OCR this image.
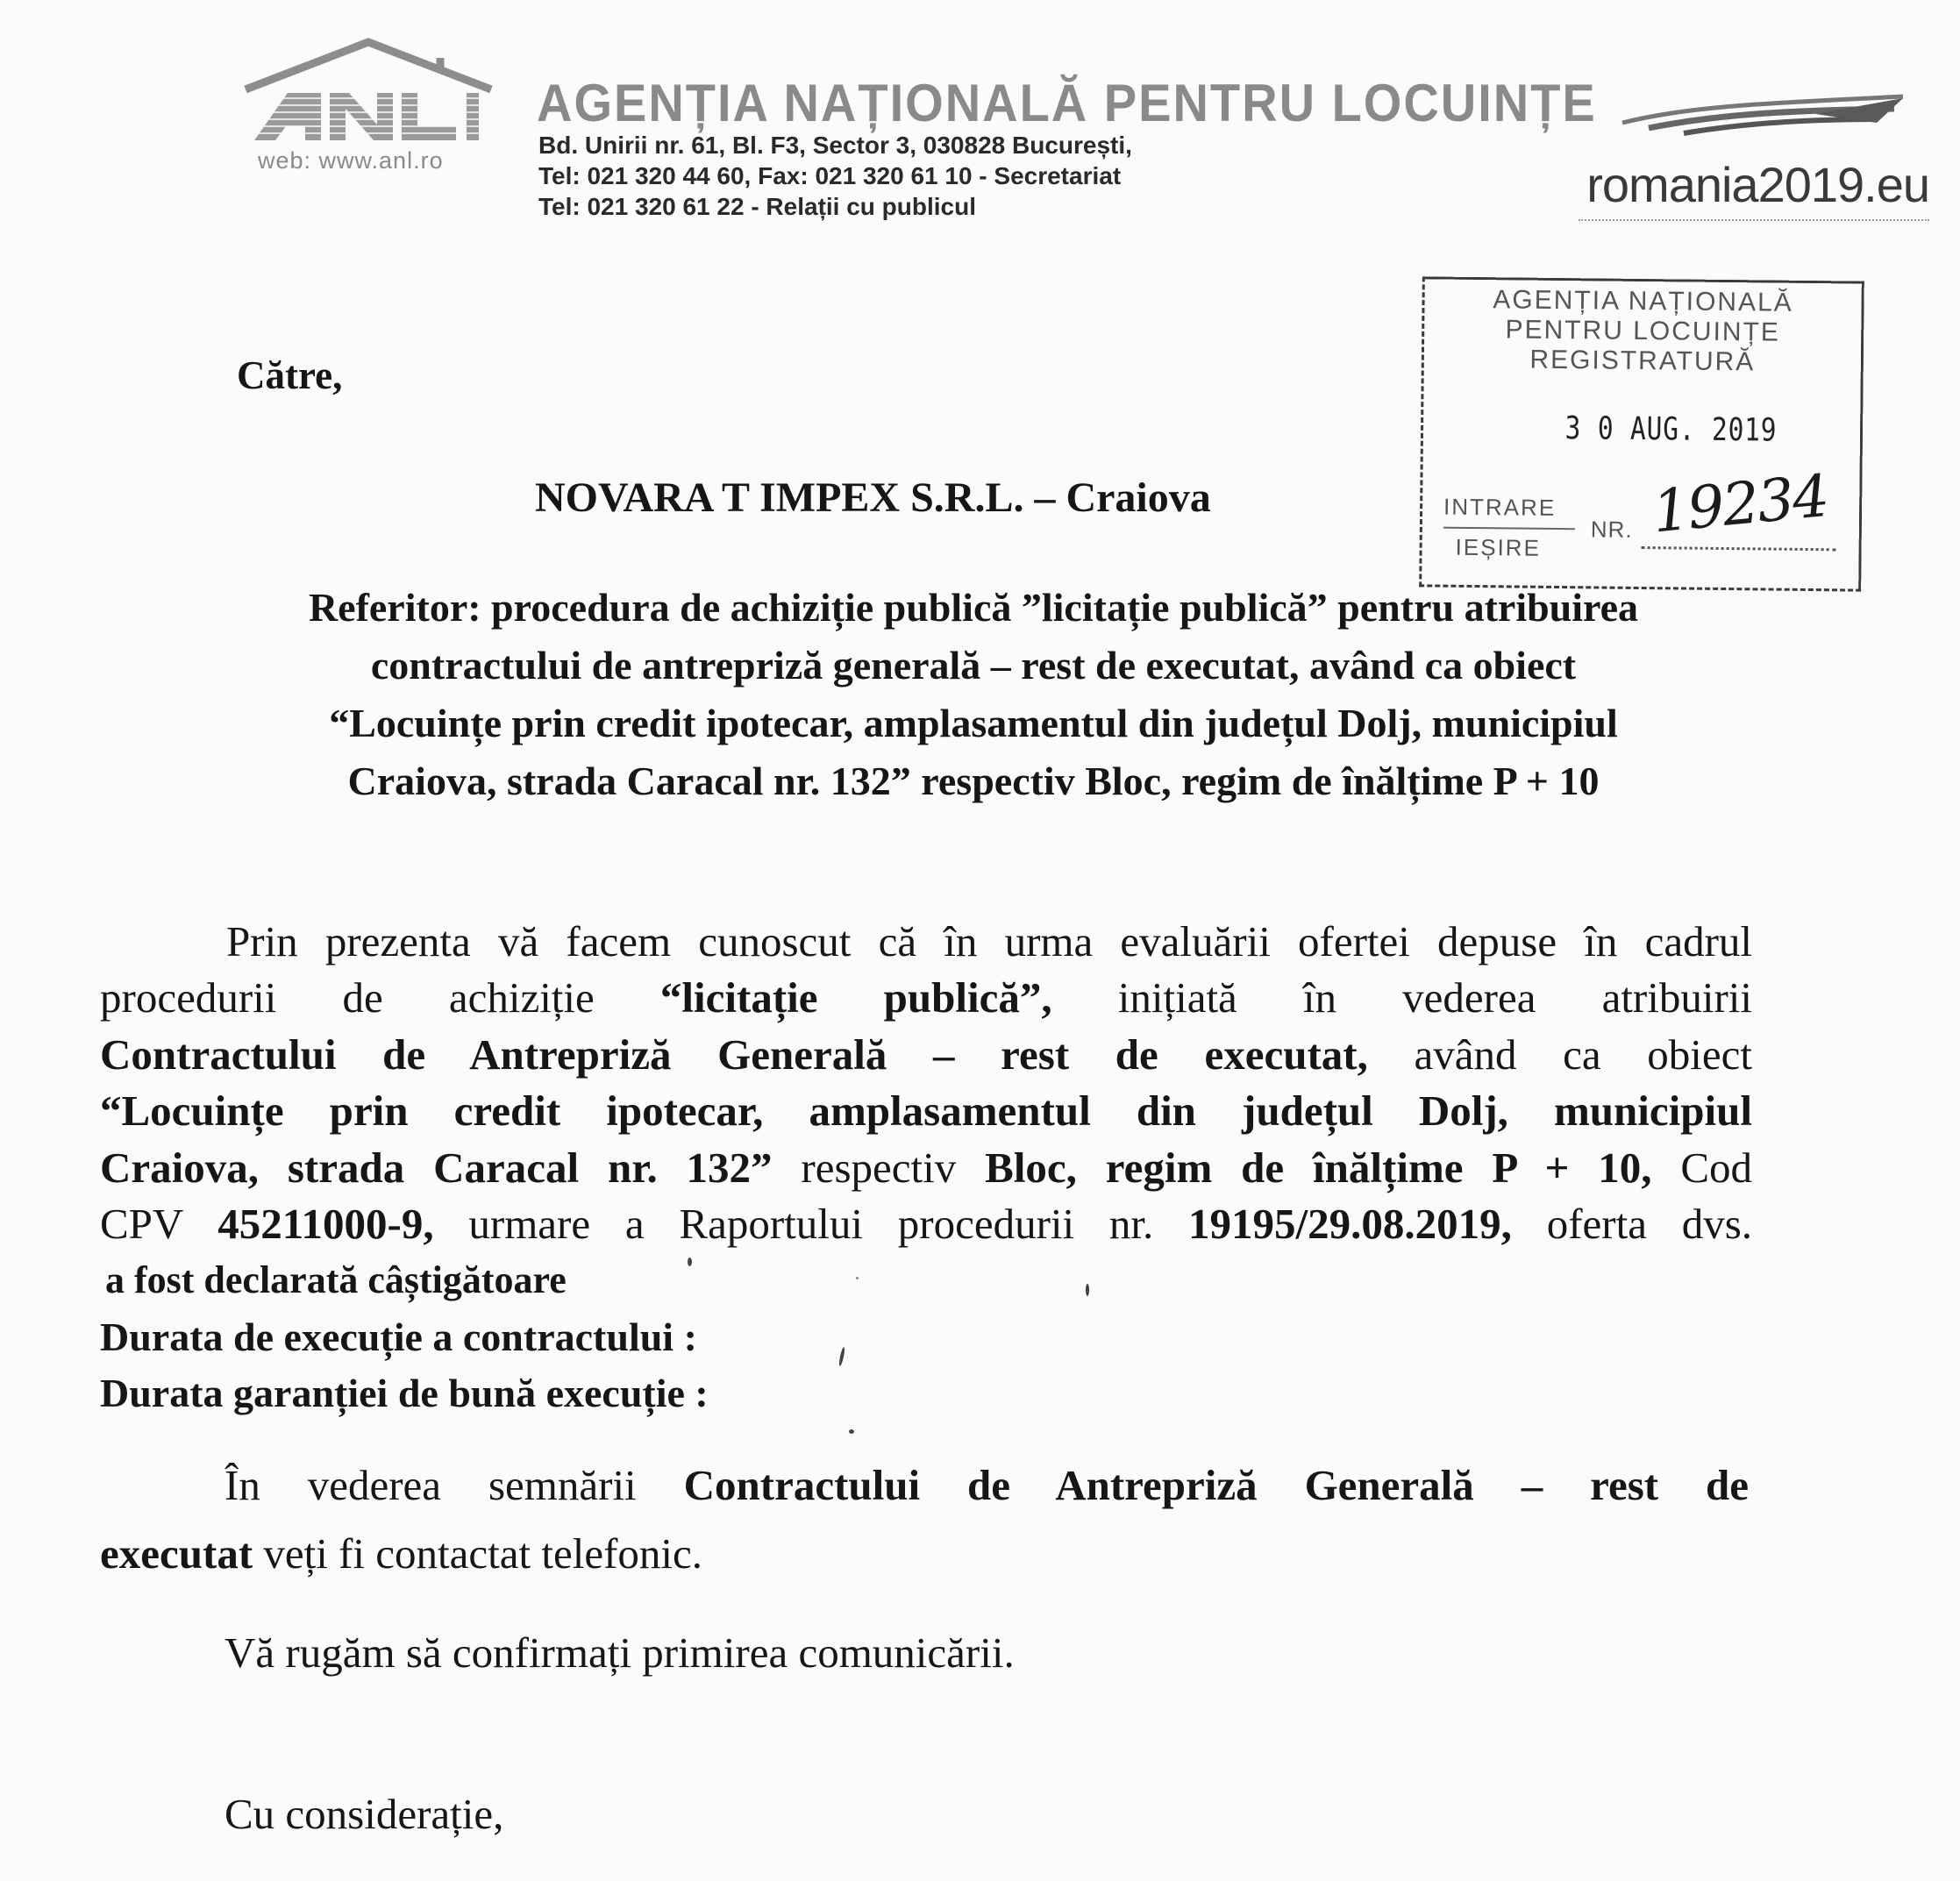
web: www.anl.ro
AGENȚIA NAȚIONALĂ PENTRU LOCUINȚE
Bd. Unirii nr. 61, Bl. F3, Sector 3, 030828 București,
Tel: 021 320 44 60, Fax: 021 320 61 10 - Secretariat
Tel: 021 320 61 22 - Relații cu publicul	romania2019.eu
AGENȚIA NAȚIONALĂ
PENTRU LOCUINȚE
REGISTRATURĂ
3 0 AUG. 2019
INTRARE
IEȘIRE
NR. 19234
Către,
NOVARA T IMPEX S.R.L. – Craiova
Referitor: procedura de achiziție publică ”licitație publică” pentru atribuirea
contractului de antrepriză generală – rest de executat, având ca obiect
“Locuințe prin credit ipotecar, amplasamentul din județul Dolj, municipiul
Craiova, strada Caracal nr. 132” respectiv Bloc, regim de înălțime P + 10
Prin prezenta vă facem cunoscut că în urma evaluării ofertei depuse în cadrul
procedurii de achiziție “licitație publică”, inițiată în vederea atribuirii
Contractului de Antrepriză Generală – rest de executat, având ca obiect
“Locuințe prin credit ipotecar, amplasamentul din județul Dolj, municipiul
Craiova, strada Caracal nr. 132” respectiv Bloc, regim de înălțime P + 10, Cod
CPV 45211000-9, urmare a Raportului procedurii nr. 19195/29.08.2019, oferta dvs.
a fost declarată câștigătoare
Durata de execuție a contractului :
Durata garanției de bună execuție :
În vederea semnării Contractului de Antrepriză Generală – rest de
executat veți fi contactat telefonic.
Vă rugăm să confirmați primirea comunicării.
Cu considerație,
